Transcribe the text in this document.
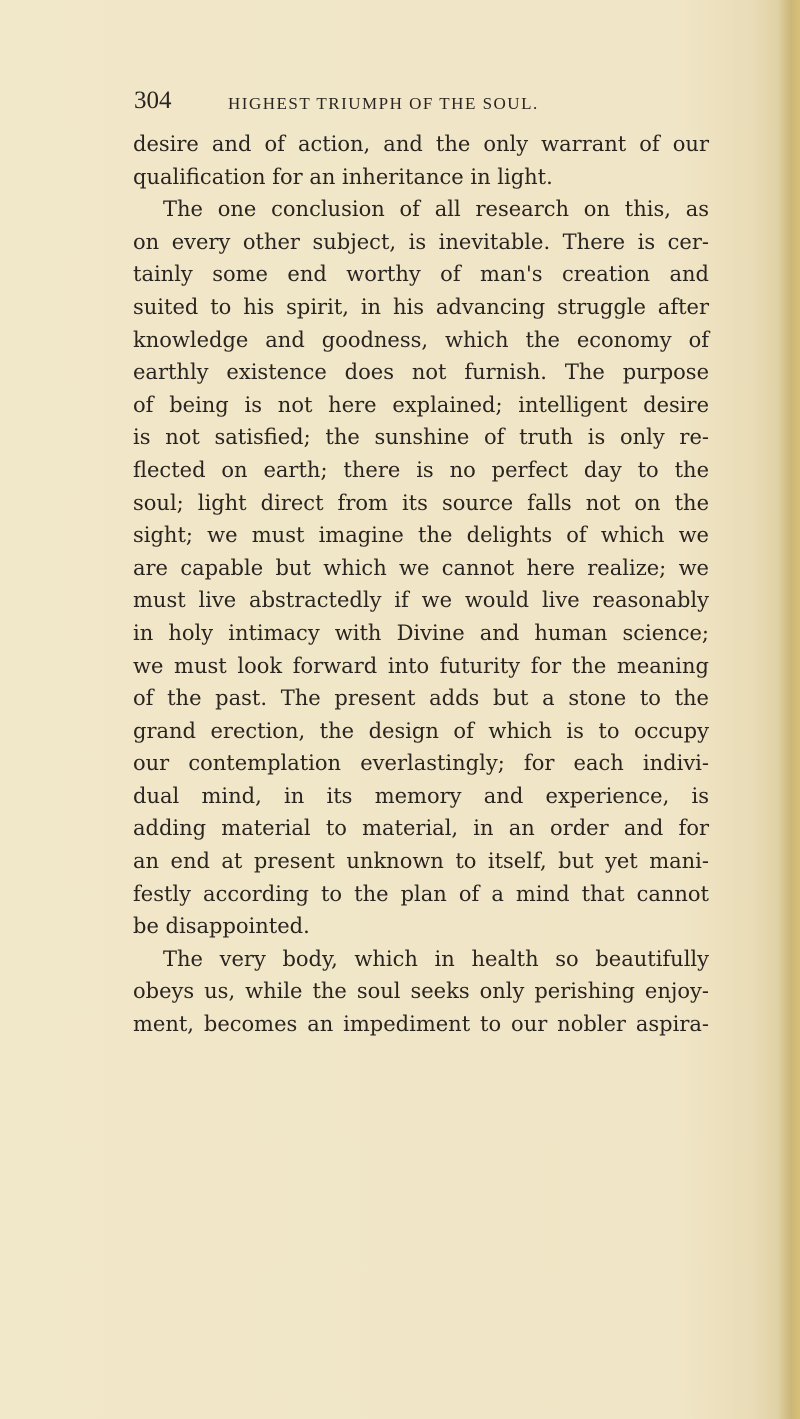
304	HIGHEST TRIUMPH OF THE SOUL.
desire and of action, and the only warrant of our
qualification for an inheritance in light.
The one conclusion of all research on this, as
on every other subject, is inevitable. There is cer-
tainly some end worthy of man's creation and
suited to his spirit, in his advancing struggle after
knowledge and goodness, which the economy of
earthly existence does not furnish. The purpose
of being is not here explained; intelligent desire
is not satisfied; the sunshine of truth is only re-
flected on earth; there is no perfect day to the
soul; light direct from its source falls not on the
sight; we must imagine the delights of which we
are capable but which we cannot here realize; we
must live abstractedly if we would live reasonably
in holy intimacy with Divine and human science;
we must look forward into futurity for the meaning
of the past. The present adds but a stone to the
grand erection, the design of which is to occupy
our contemplation everlastingly; for each indivi-
dual mind, in its memory and experience, is
adding material to material, in an order and for
an end at present unknown to itself, but yet mani-
festly according to the plan of a mind that cannot
be disappointed.
The very body, which in health so beautifully
obeys us, while the soul seeks only perishing enjoy-
ment, becomes an impediment to our nobler aspira-
